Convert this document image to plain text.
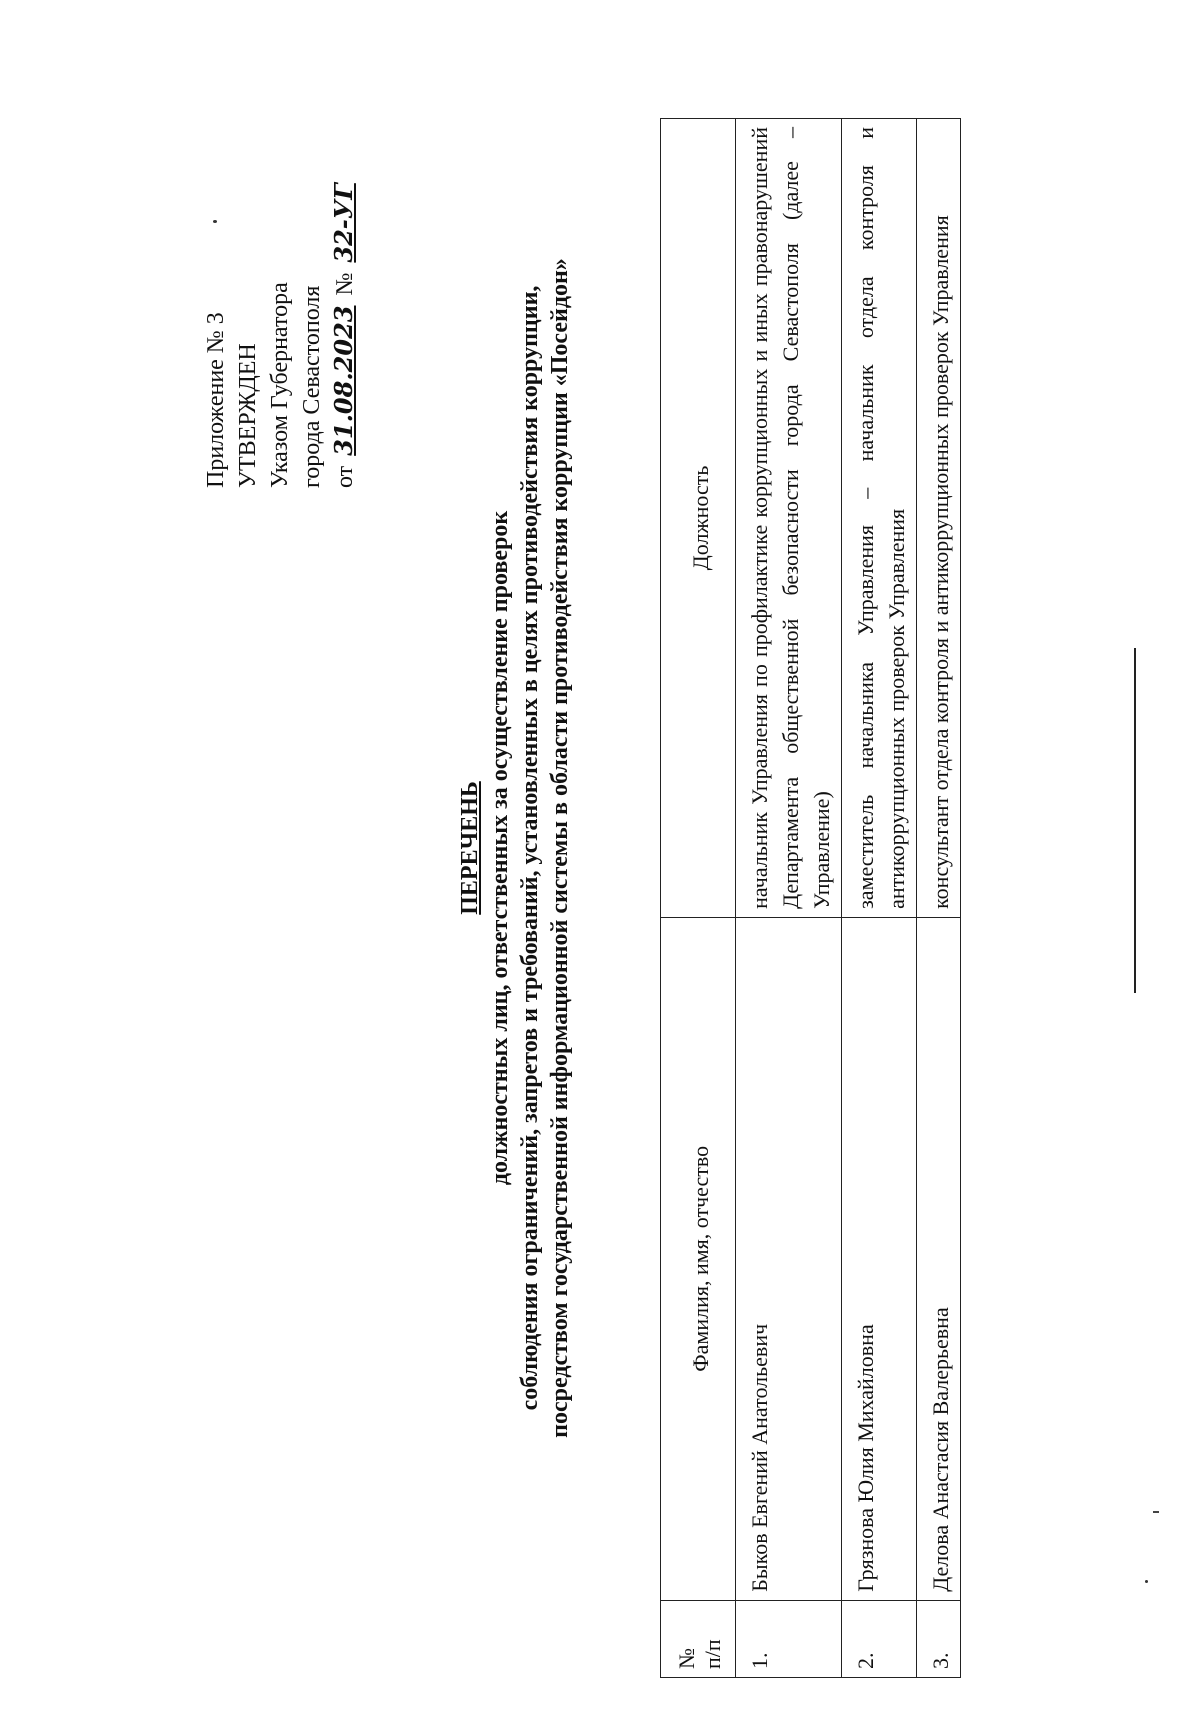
Приложение № 3 УТВЕРЖДЕН Указом Губернатора города Севастополя от 31.08.2023 № 32-УГ
ПЕРЕЧЕНЬ должностных лиц, ответственных за осуществление проверок соблюдения ограничений, запретов и требований, установленных в целях противодействия коррупции, посредством государственной информационной системы в области противодействия коррупции «Посейдон»
№
п/п	Фамилия, имя, отчество	Должность
1.	Быков Евгений Анатольевич	начальник Управления по профилактике коррупционных и иных правонарушений Департамента общественной безопасности города Севастополя (далее – Управление)
2.	Грязнова Юлия Михайловна	заместитель начальника Управления – начальник отдела контроля и антикоррупционных проверок Управления
3.	Делова Анастасия Валерьевна	консультант отдела контроля и антикоррупционных проверок Управления
